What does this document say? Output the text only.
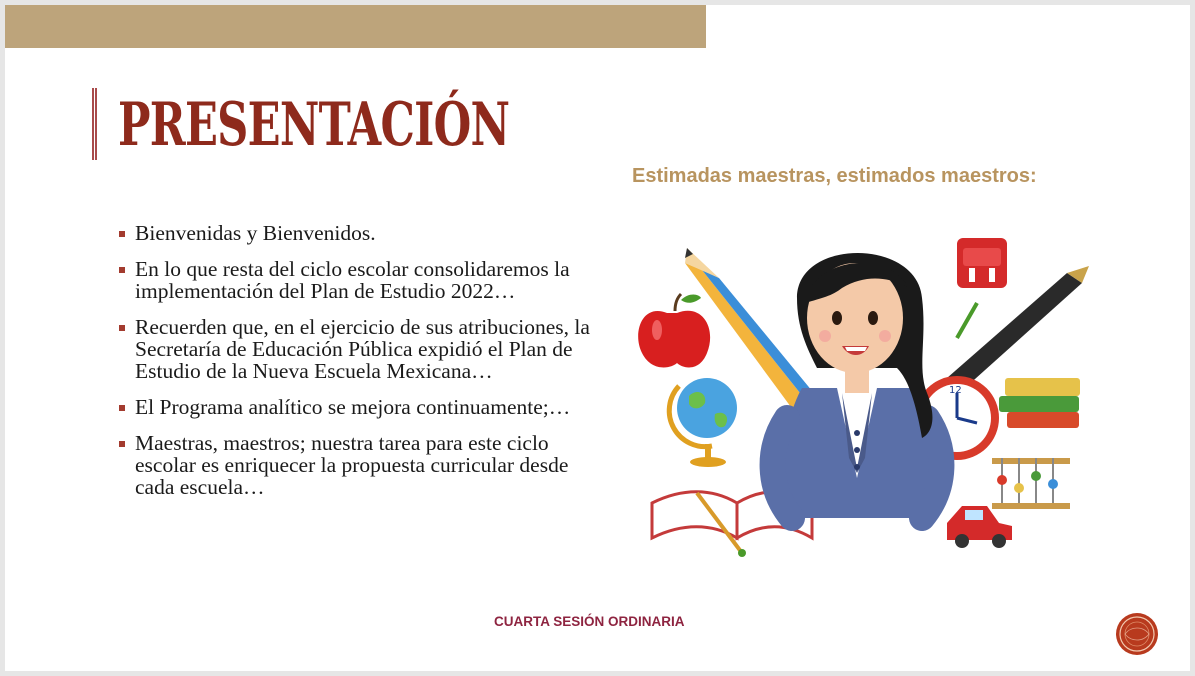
PRESENTACIÓN
Estimadas maestras, estimados maestros:
Bienvenidas y Bienvenidos.
En lo que resta del ciclo escolar consolidaremos la implementación del Plan de Estudio 2022…
Recuerden que, en el ejercicio de sus atribuciones, la Secretaría de Educación Pública expidió el Plan de Estudio de la Nueva Escuela Mexicana…
El Programa analítico se mejora continuamente;…
Maestras, maestros; nuestra tarea para este ciclo escolar es enriquecer la propuesta curricular desde cada escuela…
12
CUARTA SESIÓN ORDINARIA
